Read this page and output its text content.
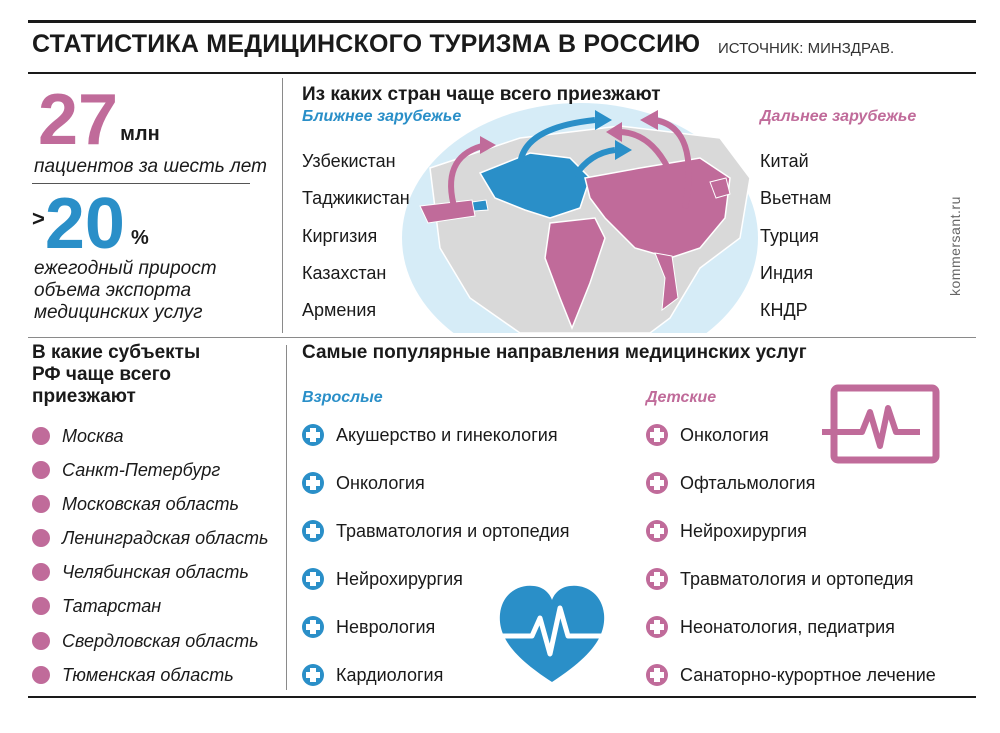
СТАТИСТИКА МЕДИЦИНСКОГО ТУРИЗМА В РОССИЮ ИСТОЧНИК: МИНЗДРАВ.
27 млн
пациентов за шесть лет
>20 %
ежегодный прирост
объема экспорта
медицинских услуг
Из каких стран чаще всего приезжают
Ближнее зарубежье	Дальнее зарубежье
Узбекистан
Таджикистан
Киргизия
Казахстан
Армения
Китай
Вьетнам
Турция
Индия
КНДР
kommersant.ru
В какие субъекты
РФ чаще всего
приезжают
Москва
Санкт-Петербург
Московская область
Ленинградская область
Челябинская область
Татарстан
Свердловская область
Тюменская область
Самые популярные направления медицинских услуг
Взрослые	Детские
Акушерство и гинекология
Онкология
Травматология и ортопедия
Нейрохирургия
Неврология
Кардиология
Онкология
Офтальмология
Нейрохирургия
Травматология и ортопедия
Неонатология, педиатрия
Санаторно-курортное лечение
